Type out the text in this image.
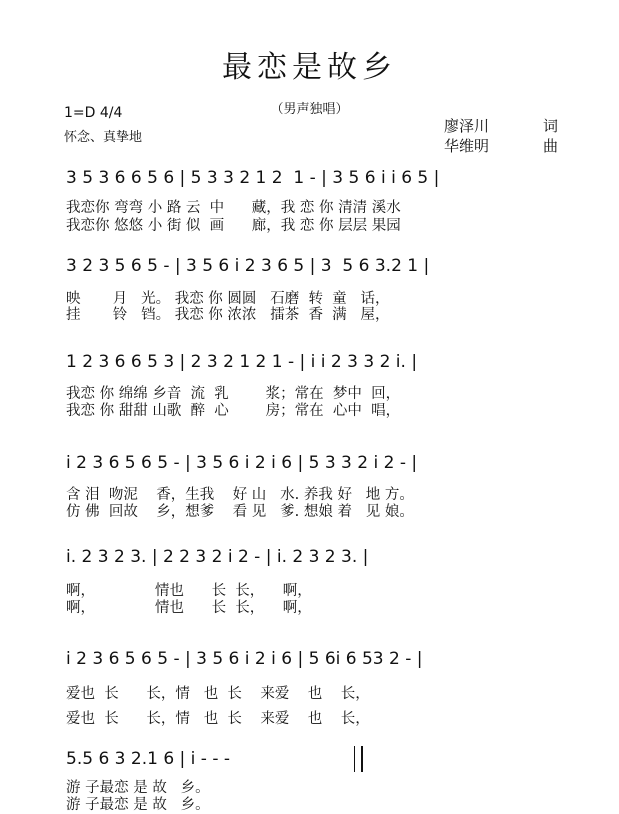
最恋是故乡
（男声独唱）
1=D 4/4
怀念、真挚地
廖泽川	词
华维明	曲
3 5 3 6 6 5 6 | 5 3 3 2 1 2  1 - | 3 5 6 i i 6 5 |
我恋你 弯弯 小 路 云  中      藏，我 恋 你 清清 溪水
我恋你 悠悠 小 街 似  画      廊，我 恋 你 层层 果园
3 2 3 5 6 5 - | 3 5 6 i 2 3 6 5 | 3  5 6 3.2 1 |
映       月   光。 我恋 你 圆圆   石磨  转  童   话，
挂       铃   铛。 我恋 你 浓浓   擂茶  香  满   屋，
1 2 3 6 6 5 3 | 2 3 2 1 2 1 - | i i 2 3 3 2 i. |
我恋 你 绵绵 乡音  流  乳        浆；常在  梦中  回，
我恋 你 甜甜 山歌  醉  心        房；常在  心中  唱，
i 2 3 6 5 6 5 - | 3 5 6 i 2 i 6 | 5 3 3 2 i 2 - |
含 泪  吻泥    香，生我    好 山   水. 养我 好   地 方。
仿 佛  回故    乡，想爹    看 见   爹. 想娘 着   见 娘。
i. 2 3 2 3. | 2 2 3 2 i 2 - | i. 2 3 2 3. |
啊，             情也      长  长，    啊，
啊，             情也      长  长，    啊，
i 2 3 6 5 6 5 - | 3 5 6 i 2 i 6 | 5 6i 6 53 2 - |
爱也  长      长，情   也  长    来爱    也    长，
爱也  长      长，情   也  长    来爱    也    长，
5.5 6 3 2.1 6 | i - - -
游 子最恋 是 故   乡。
游 子最恋 是 故   乡。
